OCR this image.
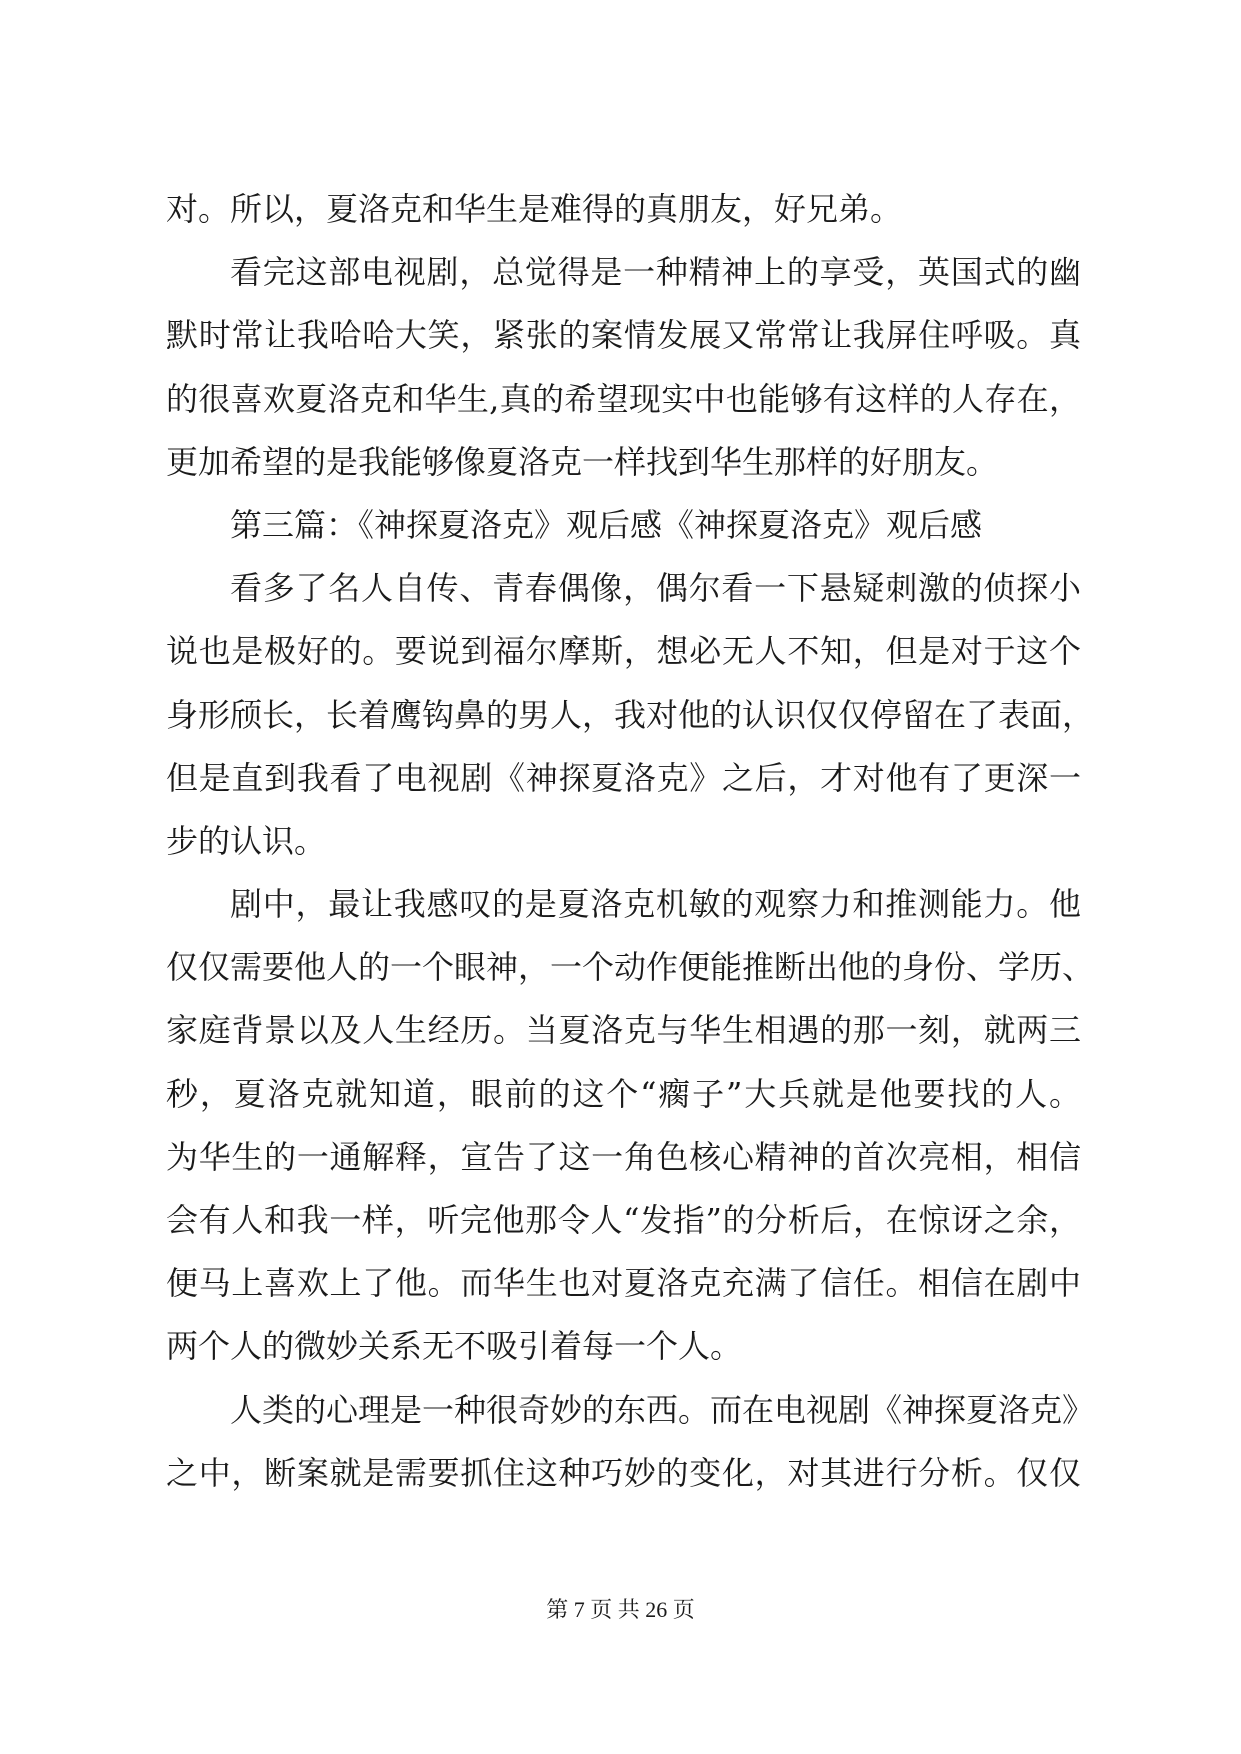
对。所以，夏洛克和华生是难得的真朋友，好兄弟。
看完这部电视剧，总觉得是一种精神上的享受，英国式的幽
默时常让我哈哈大笑，紧张的案情发展又常常让我屏住呼吸。真
的很喜欢夏洛克和华生,真的希望现实中也能够有这样的人存在，
更加希望的是我能够像夏洛克一样找到华生那样的好朋友。
第三篇：《神探夏洛克》观后感《神探夏洛克》观后感
看多了名人自传、青春偶像，偶尔看一下悬疑刺激的侦探小
说也是极好的。要说到福尔摩斯，想必无人不知，但是对于这个
身形颀长，长着鹰钩鼻的男人，我对他的认识仅仅停留在了表面，
但是直到我看了电视剧《神探夏洛克》之后，才对他有了更深一
步的认识。
剧中，最让我感叹的是夏洛克机敏的观察力和推测能力。他
仅仅需要他人的一个眼神，一个动作便能推断出他的身份、学历、
家庭背景以及人生经历。当夏洛克与华生相遇的那一刻，就两三
秒，夏洛克就知道，眼前的这个“瘸子”大兵就是他要找的人。
为华生的一通解释，宣告了这一角色核心精神的首次亮相，相信
会有人和我一样，听完他那令人“发指”的分析后，在惊讶之余，
便马上喜欢上了他。而华生也对夏洛克充满了信任。相信在剧中
两个人的微妙关系无不吸引着每一个人。
人类的心理是一种很奇妙的东西。而在电视剧《神探夏洛克》
之中，断案就是需要抓住这种巧妙的变化，对其进行分析。仅仅
第 7 页 共 26 页
